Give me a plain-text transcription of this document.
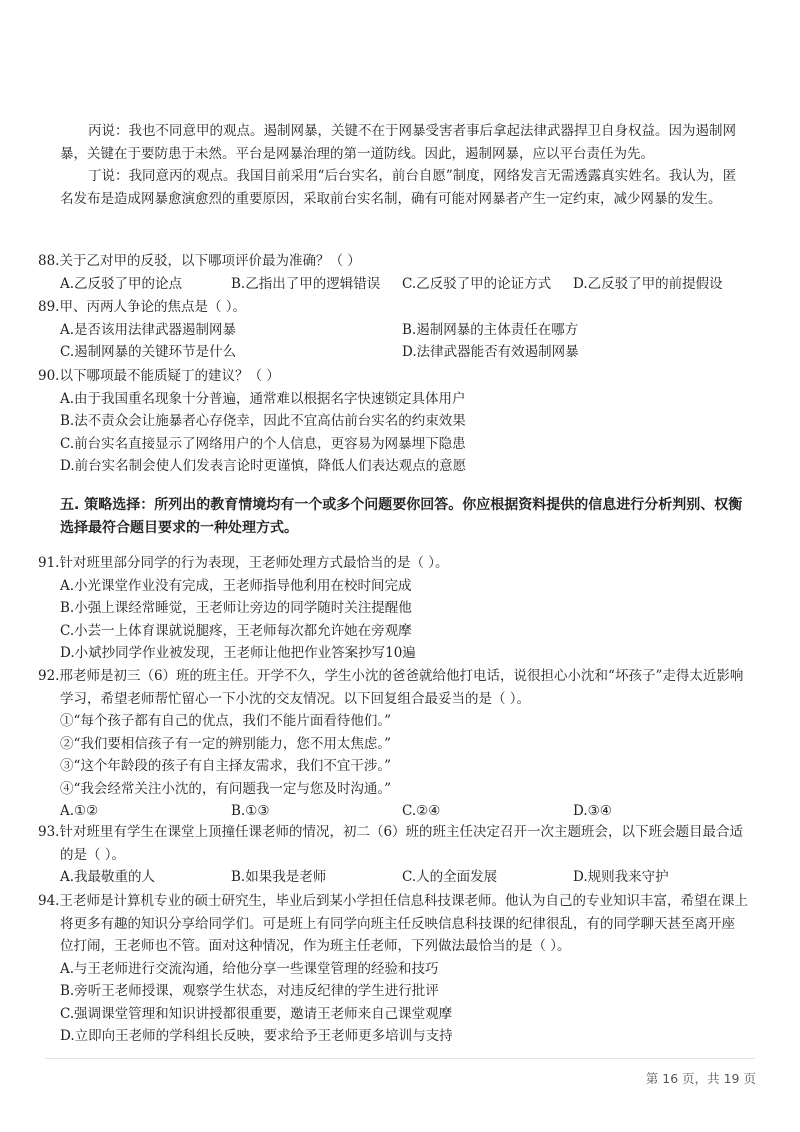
丙说：我也不同意甲的观点。遏制网暴，关键不在于网暴受害者事后拿起法律武器捍卫自身权益。因为遏制网暴，关键在于要防患于未然。平台是网暴治理的第一道防线。因此，遏制网暴，应以平台责任为先。
丁说：我同意丙的观点。我国目前采用“后台实名，前台自愿”制度，网络发言无需透露真实姓名。我认为，匿名发布是造成网暴愈演愈烈的重要原因，采取前台实名制，确有可能对网暴者产生一定约束，减少网暴的发生。
88.关于乙对甲的反驳，以下哪项评价最为准确？（ ）
A.乙反驳了甲的论点	B.乙指出了甲的逻辑错误	C.乙反驳了甲的论证方式	D.乙反驳了甲的前提假设
89.甲、丙两人争论的焦点是（ ）。
A.是否该用法律武器遏制网暴	B.遏制网暴的主体责任在哪方
C.遏制网暴的关键环节是什么	D.法律武器能否有效遏制网暴
90.以下哪项最不能质疑丁的建议？（ ）
A.由于我国重名现象十分普遍，通常难以根据名字快速锁定具体用户
B.法不责众会让施暴者心存侥幸，因此不宜高估前台实名的约束效果
C.前台实名直接显示了网络用户的个人信息，更容易为网暴埋下隐患
D.前台实名制会使人们发表言论时更谨慎，降低人们表达观点的意愿
五. 策略选择：所列出的教育情境均有一个或多个问题要你回答。你应根据资料提供的信息进行分析判别、权衡选择最符合题目要求的一种处理方式。
91.针对班里部分同学的行为表现，王老师处理方式最恰当的是（ ）。
A.小光课堂作业没有完成，王老师指导他利用在校时间完成
B.小强上课经常睡觉，王老师让旁边的同学随时关注提醒他
C.小芸一上体育课就说腿疼，王老师每次都允许她在旁观摩
D.小斌抄同学作业被发现，王老师让他把作业答案抄写10遍
92.邢老师是初三（6）班的班主任。开学不久，学生小沈的爸爸就给他打电话，说很担心小沈和“坏孩子”走得太近影响学习，希望老师帮忙留心一下小沈的交友情况。以下回复组合最妥当的是（ ）。
①“每个孩子都有自己的优点，我们不能片面看待他们。”
②“我们要相信孩子有一定的辨别能力，您不用太焦虑。”
③“这个年龄段的孩子有自主择友需求，我们不宜干涉。”
④“我会经常关注小沈的，有问题我一定与您及时沟通。”
A.①②	B.①③	C.②④	D.③④
93.针对班里有学生在课堂上顶撞任课老师的情况，初二（6）班的班主任决定召开一次主题班会，以下班会题目最合适的是（ ）。
A.我最敬重的人	B.如果我是老师	C.人的全面发展	D.规则我来守护
94.王老师是计算机专业的硕士研究生，毕业后到某小学担任信息科技课老师。他认为自己的专业知识丰富，希望在课上将更多有趣的知识分享给同学们。可是班上有同学向班主任反映信息科技课的纪律很乱，有的同学聊天甚至离开座位打闹，王老师也不管。面对这种情况，作为班主任老师，下列做法最恰当的是（ ）。
A.与王老师进行交流沟通，给他分享一些课堂管理的经验和技巧
B.旁听王老师授课，观察学生状态，对违反纪律的学生进行批评
C.强调课堂管理和知识讲授都很重要，邀请王老师来自己课堂观摩
D.立即向王老师的学科组长反映，要求给予王老师更多培训与支持
第 16 页，共 19 页
